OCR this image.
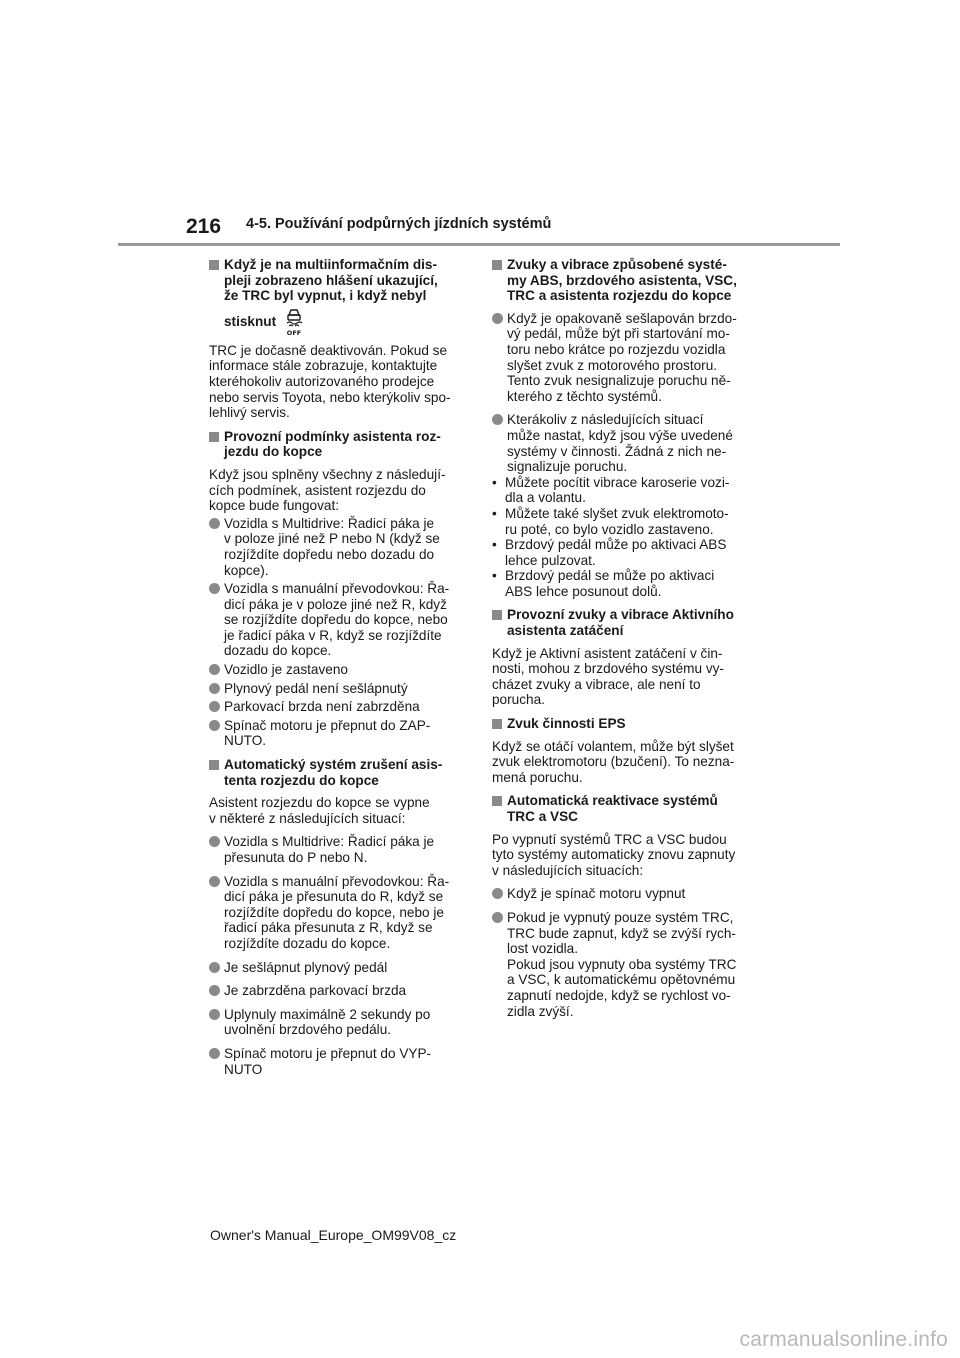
216 4-5. Používání podpůrných jízdních systémů
Když je na multiinformačním dis-
pleji zobrazeno hlášení ukazující,
že TRC byl vypnut, i když nebyl
stisknut
OFF
TRC je dočasně deaktivován. Pokud se
informace stále zobrazuje, kontaktujte
kteréhokoliv autorizovaného prodejce
nebo servis Toyota, nebo kterýkoliv spo-
lehlivý servis.
Provozní podmínky asistenta roz-
jezdu do kopce
Když jsou splněny všechny z následují-
cích podmínek, asistent rozjezdu do
kopce bude fungovat:
Vozidla s Multidrive: Řadicí páka je
v poloze jiné než P nebo N (když se
rozjíždíte dopředu nebo dozadu do
kopce).
Vozidla s manuální převodovkou: Řa-
dicí páka je v poloze jiné než R, když
se rozjíždíte dopředu do kopce, nebo
je řadicí páka v R, když se rozjíždíte
dozadu do kopce.
Vozidlo je zastaveno
Plynový pedál není sešlápnutý
Parkovací brzda není zabrzděna
Spínač motoru je přepnut do ZAP-
NUTO.
Automatický systém zrušení asis-
tenta rozjezdu do kopce
Asistent rozjezdu do kopce se vypne
v některé z následujících situací:
Vozidla s Multidrive: Řadicí páka je
přesunuta do P nebo N.
Vozidla s manuální převodovkou: Řa-
dicí páka je přesunuta do R, když se
rozjíždíte dopředu do kopce, nebo je
řadicí páka přesunuta z R, když se
rozjíždíte dozadu do kopce.
Je sešlápnut plynový pedál
Je zabrzděna parkovací brzda
Uplynuly maximálně 2 sekundy po
uvolnění brzdového pedálu.
Spínač motoru je přepnut do VYP-
NUTO
Zvuky a vibrace způsobené systé-
my ABS, brzdového asistenta, VSC,
TRC a asistenta rozjezdu do kopce
Když je opakovaně sešlapován brzdo-
vý pedál, může být při startování mo-
toru nebo krátce po rozjezdu vozidla
slyšet zvuk z motorového prostoru.
Tento zvuk nesignalizuje poruchu ně-
kterého z těchto systémů.
Kterákoliv z následujících situací
může nastat, když jsou výše uvedené
systémy v činnosti. Žádná z nich ne-
signalizuje poruchu.
• Můžete pocítit vibrace karoserie vozi-
dla a volantu.
• Můžete také slyšet zvuk elektromoto-
ru poté, co bylo vozidlo zastaveno.
• Brzdový pedál může po aktivaci ABS
lehce pulzovat.
• Brzdový pedál se může po aktivaci
ABS lehce posunout dolů.
Provozní zvuky a vibrace Aktivního
asistenta zatáčení
Když je Aktivní asistent zatáčení v čin-
nosti, mohou z brzdového systému vy-
cházet zvuky a vibrace, ale není to
porucha.
Zvuk činnosti EPS
Když se otáčí volantem, může být slyšet
zvuk elektromotoru (bzučení). To nezna-
mená poruchu.
Automatická reaktivace systémů
TRC a VSC
Po vypnutí systémů TRC a VSC budou
tyto systémy automaticky znovu zapnuty
v následujících situacích:
Když je spínač motoru vypnut
Pokud je vypnutý pouze systém TRC,
TRC bude zapnut, když se zvýší rych-
lost vozidla.
Pokud jsou vypnuty oba systémy TRC
a VSC, k automatickému opětovnému
zapnutí nedojde, když se rychlost vo-
zidla zvýší.
Owner's Manual_Europe_OM99V08_cz
carmanualsonline.info
